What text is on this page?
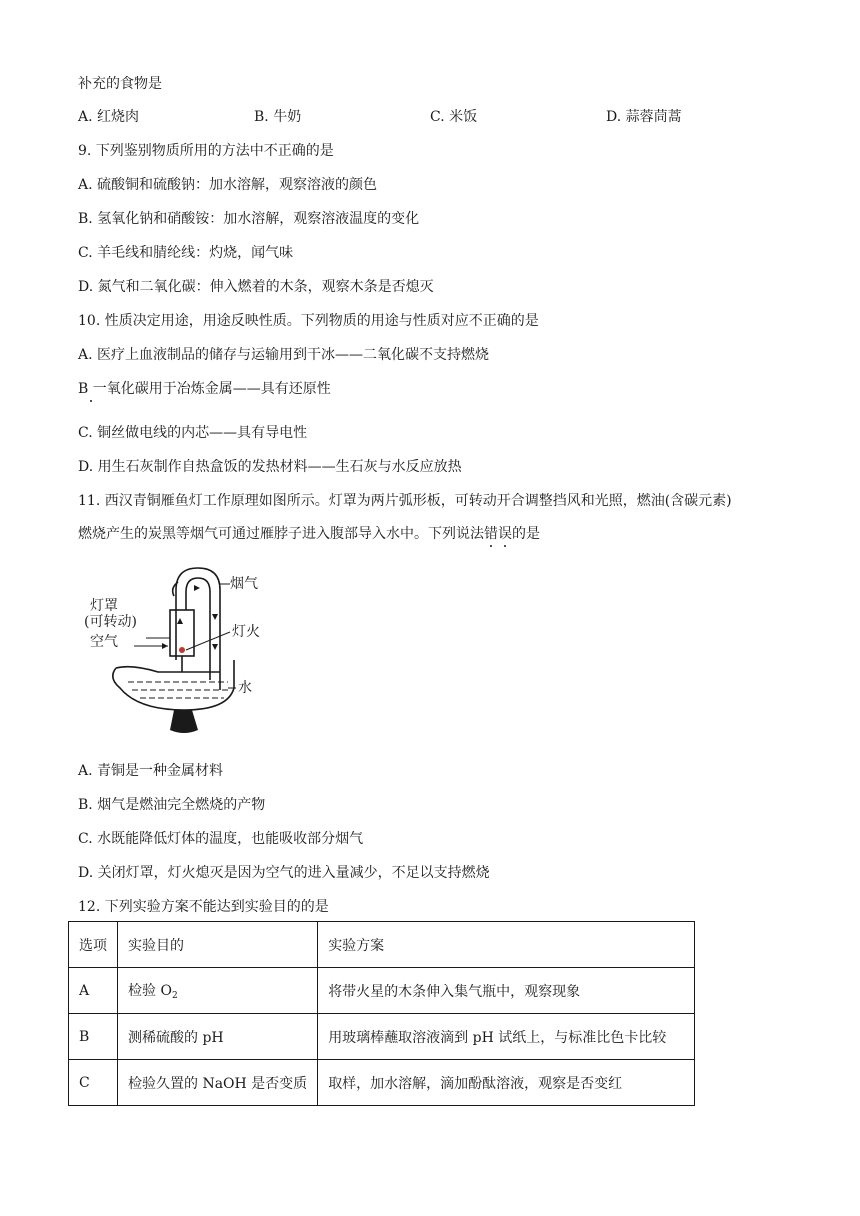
补充的食物是
A. 红烧肉	B. 牛奶	C. 米饭	D. 蒜蓉茼蒿
9. 下列鉴别物质所用的方法中不正确的是
A. 硫酸铜和硫酸钠：加水溶解，观察溶液的颜色
B. 氢氧化钠和硝酸铵：加水溶解，观察溶液温度的变化
C. 羊毛线和腈纶线：灼烧，闻气味
D. 氮气和二氧化碳：伸入燃着的木条，观察木条是否熄灭
10. 性质决定用途，用途反映性质。下列物质的用途与性质对应不正确的是
A. 医疗上血液制品的储存与运输用到干冰——二氧化碳不支持燃烧
B 一氧化碳用于冶炼金属——具有还原性
C. 铜丝做电线的内芯——具有导电性
D. 用生石灰制作自热盒饭的发热材料——生石灰与水反应放热
11. 西汉青铜雁鱼灯工作原理如图所示。灯罩为两片弧形板，可转动开合调整挡风和光照，燃油(含碳元素)
燃烧产生的炭黑等烟气可通过雁脖子进入腹部导入水中。下列说法错误的是
烟气
灯罩
(可转动)
空气
灯火
水
A. 青铜是一种金属材料
B. 烟气是燃油完全燃烧的产物
C. 水既能降低灯体的温度，也能吸收部分烟气
D. 关闭灯罩，灯火熄灭是因为空气的进入量减少，不足以支持燃烧
12. 下列实验方案不能达到实验目的的是
选项	实验目的	实验方案
A	检验 $O_2$	将带火星的木条伸入集气瓶中，观察现象
B	测稀硫酸的 pH	用玻璃棒蘸取溶液滴到 pH 试纸上，与标准比色卡比较
C	检验久置的 NaOH 是否变质	取样，加水溶解，滴加酚酞溶液，观察是否变红
